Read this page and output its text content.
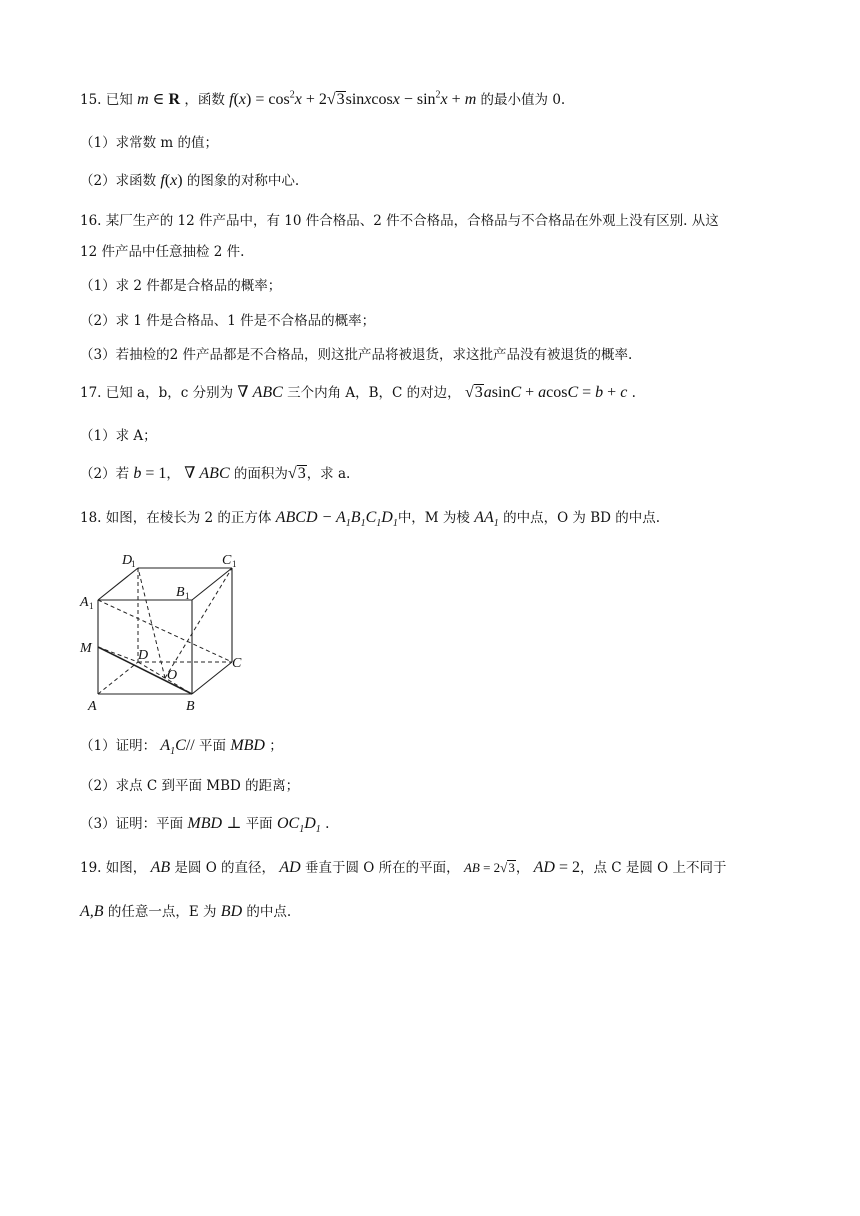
15. 已知 m ∈ R ，函数 $f(x) = \cos^2x$ + 2√3sinxcosx − $\sin^2x + m$ 的最小值为 0.
（1）求常数 m 的值；
（2）求函数 f(x) 的图象的对称中心.
16. 某厂生产的 12 件产品中，有 10 件合格品、2 件不合格品，合格品与不合格品在外观上没有区别. 从这
12 件产品中任意抽检 2 件.
（1）求 2 件都是合格品的概率；
（2）求 1 件是合格品、1 件是不合格品的概率；
（3）若抽检的2 件产品都是不合格品，则这批产品将被退货，求这批产品没有被退货的概率.
17. 已知 a，b，c 分别为 ∇ ABC 三个内角 A，B，C 的对边， √3asinC + acosC = b + c .
（1）求 A；
（2）若 b = 1， ∇ ABC 的面积为√3，求 a.
18. 如图，在棱长为 2 的正方体 ABCD − $A_1B_1C_1D_1$中，M 为棱 $AA_1$ 的中点，O 为 BD 的中点.
D
1	C 1
A 1
B 1
M	D
C
O
A	B
（1）证明： $A_1C//$ 平面 MBD ；
（2）求点 C 到平面 MBD 的距离；
（3）证明：平面 MBD ⊥ 平面 $OC_1D_1$ .
19. 如图， AB 是圆 O 的直径， AD 垂直于圆 O 所在的平面， AB = 2√3， AD = 2，点 C 是圆 O 上不同于
A,B 的任意一点，E 为 BD 的中点.
